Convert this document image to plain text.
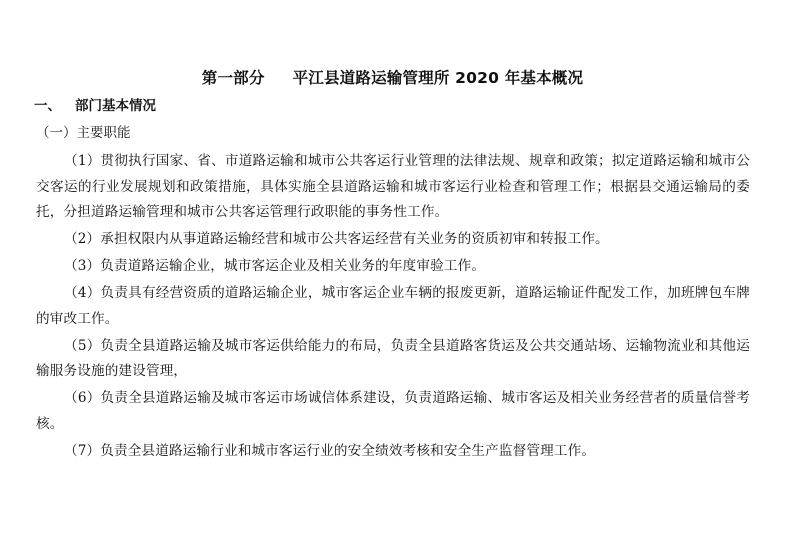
第一部分 平江县道路运输管理所 2020 年基本概况
一、 部门基本情况
（一）主要职能

（1）贯彻执行国家、省、市道路运输和城市公共客运行业管理的法律法规、规章和政策；拟定道路运输和城市公交客运的行业发展规划和政策措施，具体实施全县道路运输和城市客运行业检查和管理工作；根据县交通运输局的委托，分担道路运输管理和城市公共客运管理行政职能的事务性工作。

（2）承担权限内从事道路运输经营和城市公共客运经营有关业务的资质初审和转报工作。

（3）负责道路运输企业，城市客运企业及相关业务的年度审验工作。

（4）负责具有经营资质的道路运输企业，城市客运企业车辆的报废更新，道路运输证件配发工作，加班牌包车牌的审改工作。

（5）负责全县道路运输及城市客运供给能力的布局，负责全县道路客货运及公共交通站场、运输物流业和其他运输服务设施的建设管理，

（6）负责全县道路运输及城市客运市场诚信体系建设，负责道路运输、城市客运及相关业务经营者的质量信誉考核。

（7）负责全县道路运输行业和城市客运行业的安全绩效考核和安全生产监督管理工作。
